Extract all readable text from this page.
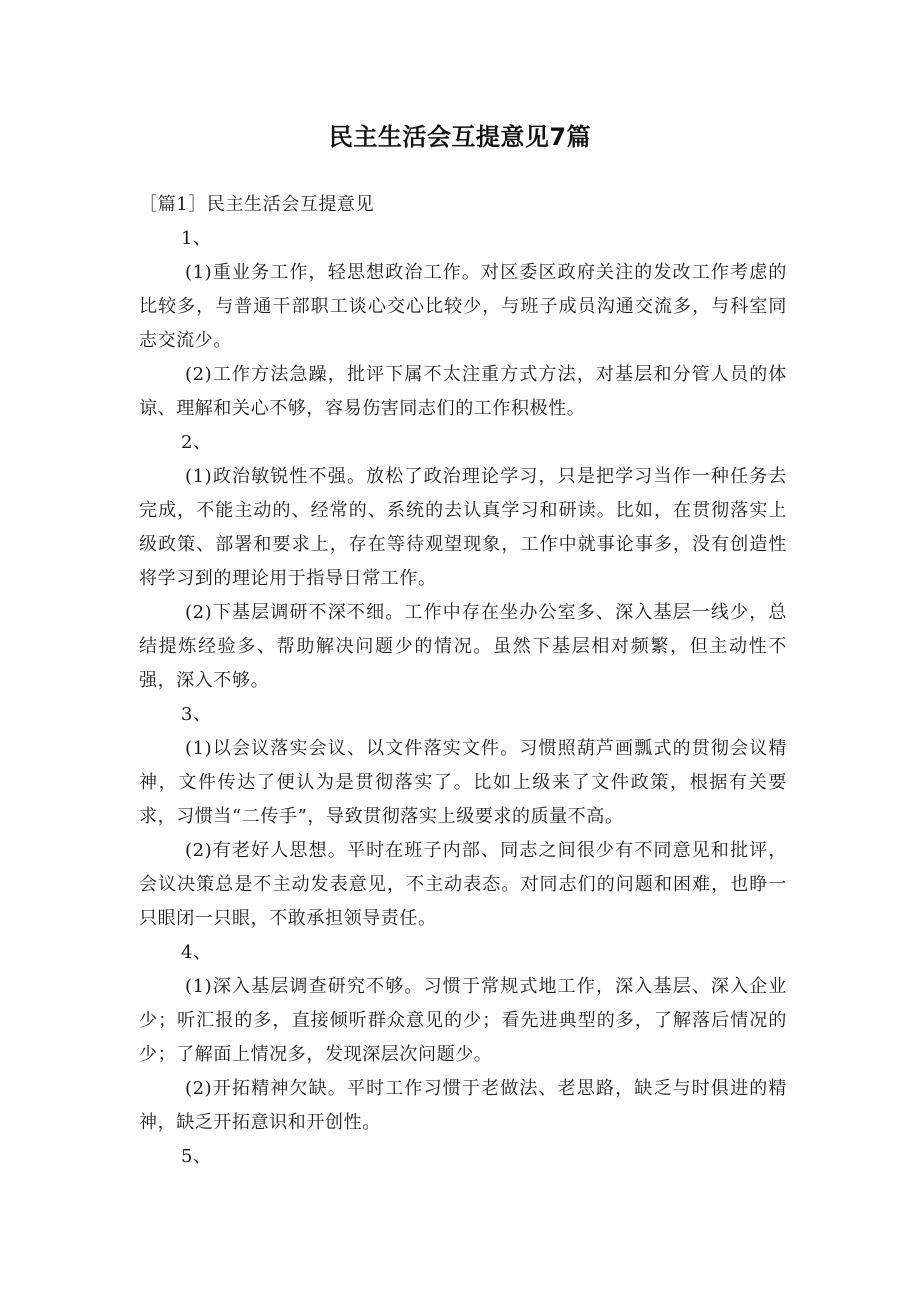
民主生活会互提意见7篇

［篇1］民主生活会互提意见

1、

(1)重业务工作，轻思想政治工作。对区委区政府关注的发改工作考虑的比较多，与普通干部职工谈心交心比较少，与班子成员沟通交流多，与科室同志交流少。

(2)工作方法急躁，批评下属不太注重方式方法，对基层和分管人员的体谅、理解和关心不够，容易伤害同志们的工作积极性。

2、

(1)政治敏锐性不强。放松了政治理论学习，只是把学习当作一种任务去完成，不能主动的、经常的、系统的去认真学习和研读。比如，在贯彻落实上级政策、部署和要求上，存在等待观望现象，工作中就事论事多，没有创造性将学习到的理论用于指导日常工作。

(2)下基层调研不深不细。工作中存在坐办公室多、深入基层一线少，总结提炼经验多、帮助解决问题少的情况。虽然下基层相对频繁，但主动性不强，深入不够。

3、

(1)以会议落实会议、以文件落实文件。习惯照葫芦画瓢式的贯彻会议精神，文件传达了便认为是贯彻落实了。比如上级来了文件政策，根据有关要求，习惯当“二传手”，导致贯彻落实上级要求的质量不高。

(2)有老好人思想。平时在班子内部、同志之间很少有不同意见和批评，会议决策总是不主动发表意见，不主动表态。对同志们的问题和困难，也睁一只眼闭一只眼，不敢承担领导责任。

4、

(1)深入基层调查研究不够。习惯于常规式地工作，深入基层、深入企业少；听汇报的多，直接倾听群众意见的少；看先进典型的多，了解落后情况的少；了解面上情况多，发现深层次问题少。

(2)开拓精神欠缺。平时工作习惯于老做法、老思路，缺乏与时俱进的精神，缺乏开拓意识和开创性。

5、
